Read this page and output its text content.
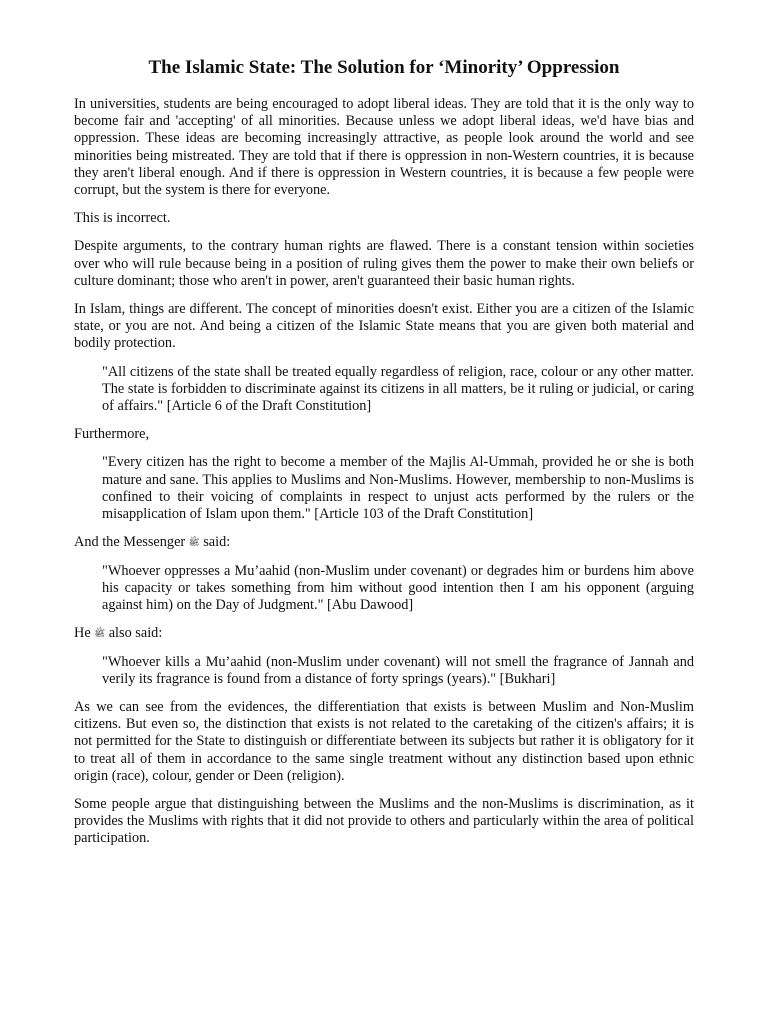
The Islamic State: The Solution for ‘Minority’ Oppression

In universities, students are being encouraged to adopt liberal ideas. They are told that it is the only way to become fair and 'accepting' of all minorities. Because unless we adopt liberal ideas, we'd have bias and oppression. These ideas are becoming increasingly attractive, as people look around the world and see minorities being mistreated. They are told that if there is oppression in non-Western countries, it is because they aren't liberal enough. And if there is oppression in Western countries, it is because a few people were corrupt, but the system is there for everyone.

This is incorrect.

Despite arguments, to the contrary human rights are flawed. There is a constant tension within societies over who will rule because being in a position of ruling gives them the power to make their own beliefs or culture dominant; those who aren't in power, aren't guaranteed their basic human rights.

In Islam, things are different. The concept of minorities doesn't exist. Either you are a citizen of the Islamic state, or you are not. And being a citizen of the Islamic State means that you are given both material and bodily protection.

"All citizens of the state shall be treated equally regardless of religion, race, colour or any other matter. The state is forbidden to discriminate against its citizens in all matters, be it ruling or judicial, or caring of affairs." [Article 6 of the Draft Constitution]

Furthermore,

"Every citizen has the right to become a member of the Majlis Al-Ummah, provided he or she is both mature and sane. This applies to Muslims and Non-Muslims. However, membership to non-Muslims is confined to their voicing of complaints in respect to unjust acts performed by the rulers or the misapplication of Islam upon them." [Article 103 of the Draft Constitution]

And the Messenger ﷺ said:

"Whoever oppresses a Mu’aahid (non-Muslim under covenant) or degrades him or burdens him above his capacity or takes something from him without good intention then I am his opponent (arguing against him) on the Day of Judgment." [Abu Dawood]

He ﷺ also said:

"Whoever kills a Mu’aahid (non-Muslim under covenant) will not smell the fragrance of Jannah and verily its fragrance is found from a distance of forty springs (years)." [Bukhari]

As we can see from the evidences, the differentiation that exists is between Muslim and Non-Muslim citizens. But even so, the distinction that exists is not related to the caretaking of the citizen's affairs; it is not permitted for the State to distinguish or differentiate between its subjects but rather it is obligatory for it to treat all of them in accordance to the same single treatment without any distinction based upon ethnic origin (race), colour, gender or Deen (religion).

Some people argue that distinguishing between the Muslims and the non-Muslims is discrimination, as it provides the Muslims with rights that it did not provide to others and particularly within the area of political participation.
